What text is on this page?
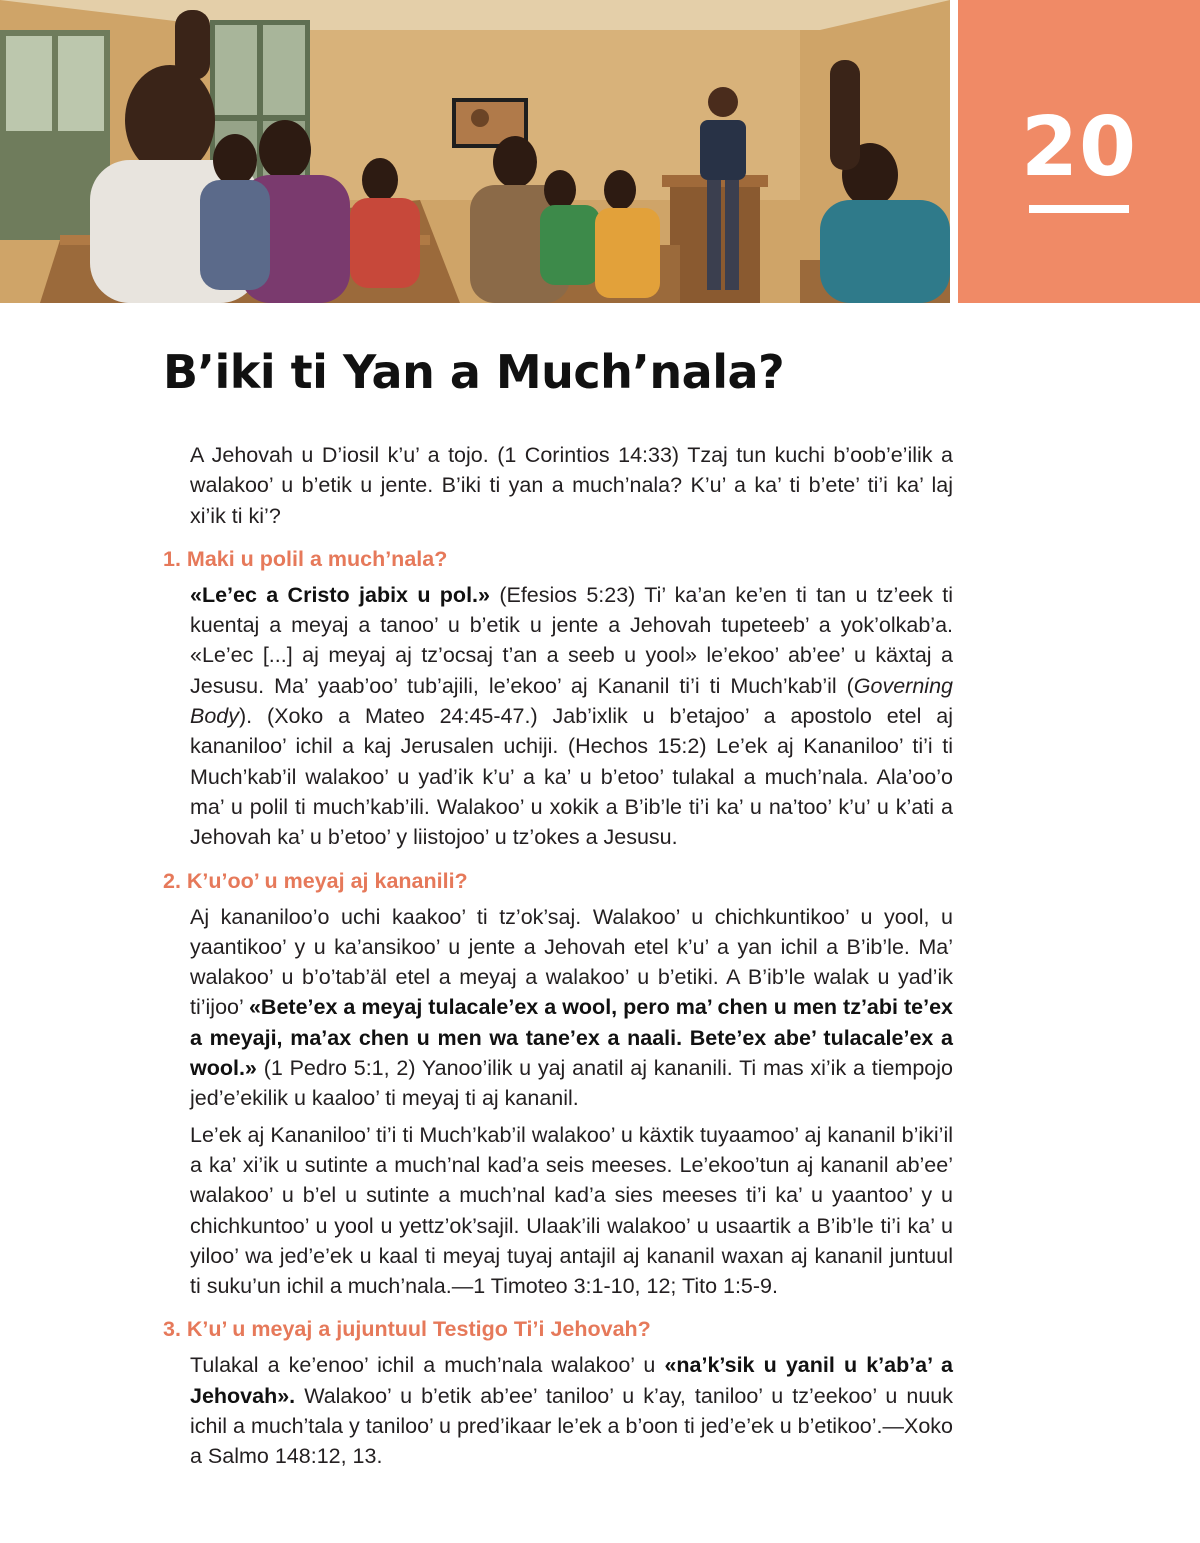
20
B’iki ti Yan a Much’nala?

A Jehovah u D’iosil k’u’ a tojo. (1 Corintios 14:33) Tzaj tun kuchi b’oob’e’ilik a walakoo’ u b’etik u jente. B’iki ti yan a much’nala? K’u’ a ka’ ti b’ete’ ti’i ka’ laj xi’ik ti ki’?

1. Maki u polil a much’nala?

«Le’ec a Cristo jabix u pol.» (Efesios 5:23) Ti’ ka’an ke’en ti tan u tz’eek ti kuentaj a meyaj a tanoo’ u b’etik u jente a Jehovah tupeteeb’ a yok’olkab’a. «Le’ec [...] aj meyaj aj tz’ocsaj t’an a seeb u yool» le’ekoo’ ab’ee’ u käxtaj a Jesusu. Ma’ yaab’oo’ tub’ajili, le’ekoo’ aj Kananil ti’i ti Much’kab’il (Governing Body). (Xoko a Mateo 24:45-47.) Jab’ixlik u b’etajoo’ a apostolo etel aj kananiloo’ ichil a kaj Jerusalen uchiji. (Hechos 15:2) Le’ek aj Kananiloo’ ti’i ti Much’kab’il walakoo’ u yad’ik k’u’ a ka’ u b’etoo’ tulakal a much’nala. Ala’oo’o ma’ u polil ti much’kab’ili. Walakoo’ u xokik a B’ib’le ti’i ka’ u na’too’ k’u’ u k’ati a Jehovah ka’ u b’etoo’ y liistojoo’ u tz’okes a Jesusu.

2. K’u’oo’ u meyaj aj kananili?

Aj kananiloo’o uchi kaakoo’ ti tz’ok’saj. Walakoo’ u chichkuntikoo’ u yool, u yaantikoo’ y u ka’ansikoo’ u jente a Jehovah etel k’u’ a yan ichil a B’ib’le. Ma’ walakoo’ u b’o’tab’äl etel a meyaj a walakoo’ u b’etiki. A B’ib’le walak u yad’ik ti’ijoo’ «Bete’ex a meyaj tulacale’ex a wool, pero ma’ chen u men tz’abi te’ex a meyaji, ma’ax chen u men wa tane’ex a naali. Bete’ex abe’ tulacale’ex a wool.» (1 Pedro 5:1, 2) Yanoo’ilik u yaj anatil aj kananili. Ti mas xi’ik a tiempojo jed’e’ekilik u kaaloo’ ti meyaj ti aj kananil.

Le’ek aj Kananiloo’ ti’i ti Much’kab’il walakoo’ u käxtik tuyaamoo’ aj kananil b’iki’il a ka’ xi’ik u sutinte a much’nal kad’a seis meeses. Le’ekoo’tun aj kananil ab’ee’ walakoo’ u b’el u sutinte a much’nal kad’a sies meeses ti’i ka’ u yaantoo’ y u chichkuntoo’ u yool u yettz’ok’sajil. Ulaak’ili walakoo’ u usaartik a B’ib’le ti’i ka’ u yiloo’ wa jed’e’ek u kaal ti meyaj tuyaj antajil aj kananil waxan aj kananil juntuul ti suku’un ichil a much’nala.—1 Timoteo 3:1-10, 12; Tito 1:5-9.

3. K’u’ u meyaj a jujuntuul Testigo Ti’i Jehovah?

Tulakal a ke’enoo’ ichil a much’nala walakoo’ u «na’k’sik u yanil u k’ab’a’ a Jehovah». Walakoo’ u b’etik ab’ee’ taniloo’ u k’ay, taniloo’ u tz’eekoo’ u nuuk ichil a much’tala y taniloo’ u pred’ikaar le’ek a b’oon ti jed’e’ek u b’etikoo’.—Xoko a Salmo 148:12, 13.
